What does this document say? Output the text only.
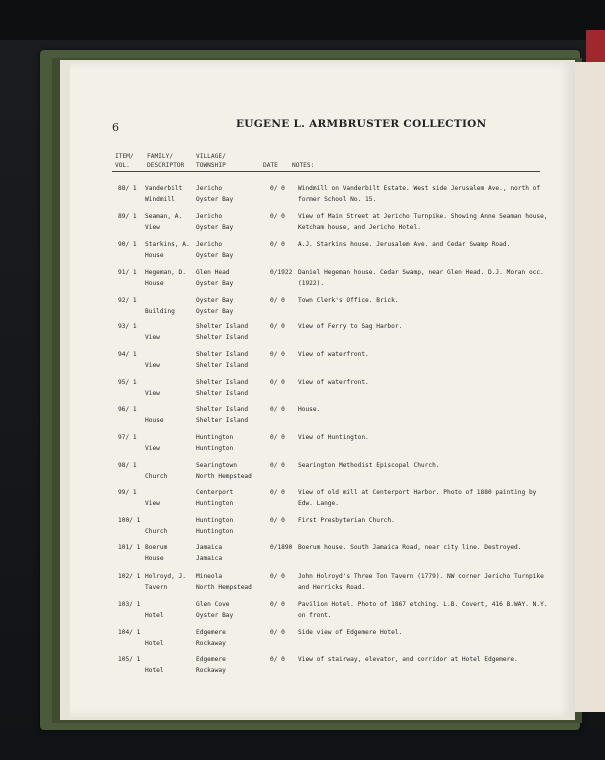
6	EUGENE L. ARMBRUSTER COLLECTION
ITEM/
VOL.
FAMILY/
DESCRIPTOR
VILLAGE/
TOWNSHIP	DATE NOTES:
88/ 1 Vanderbilt
Windmill
Jericho
Oyster Bay
0/ 0 Windmill on Vanderbilt Estate. West side Jerusalem Ave., north of
former School No. 15.
89/ 1 Seaman, A.
View
Jericho
Oyster Bay
0/ 0 View of Main Street at Jericho Turnpike. Showing Anne Seaman house,
Ketcham house, and Jericho Hotel.
90/ 1 Starkins, A.
House
Jericho
Oyster Bay
0/ 0 A.J. Starkins house. Jerusalem Ave. and Cedar Swamp Road.
91/ 1 Hegeman, D.
House
Glen Head
Oyster Bay
0/1922 Daniel Hegeman house. Cedar Swamp, near Glen Head. D.J. Moran occ.
(1922).
92/ 1

Building
Oyster Bay
Oyster Bay
0/ 0 Town Clerk's Office. Brick.
93/ 1

View
Shelter Island
Shelter Island
0/ 0 View of Ferry to Sag Harbor.
94/ 1

View
Shelter Island
Shelter Island
0/ 0 View of waterfront.
95/ 1

View
Shelter Island
Shelter Island
0/ 0 View of waterfront.
96/ 1

House
Shelter Island
Shelter Island
0/ 0 House.
97/ 1

View
Huntington
Huntington
0/ 0 View of Huntington.
98/ 1

Church
Searingtown
North Hempstead
0/ 0 Searington Methodist Episcopal Church.
99/ 1

View
Centerport
Huntington
0/ 0 View of old mill at Centerport Harbor. Photo of 1880 painting by
Edw. Lange.
100/ 1

Church
Huntington
Huntington
0/ 0 First Presbyterian Church.
101/ 1 Boerum
House
Jamaica
Jamaica
0/1890 Boerum house. South Jamaica Road, near city line. Destroyed.
102/ 1 Holroyd, J.
Tavern
Mineola
North Hempstead
0/ 0 John Holroyd's Three Ton Tavern (1779). NW corner Jericho Turnpike
and Herricks Road.
103/ 1

Hotel
Glen Cove
Oyster Bay
0/ 0 Pavilion Hotel. Photo of 1867 etching. L.B. Covert, 416 B.WAY. N.Y.
on front.
104/ 1

Hotel
Edgemere
Rockaway
0/ 0 Side view of Edgemere Hotel.
105/ 1

Hotel
Edgemere
Rockaway
0/ 0 View of stairway, elevator, and corridor at Hotel Edgemere.
